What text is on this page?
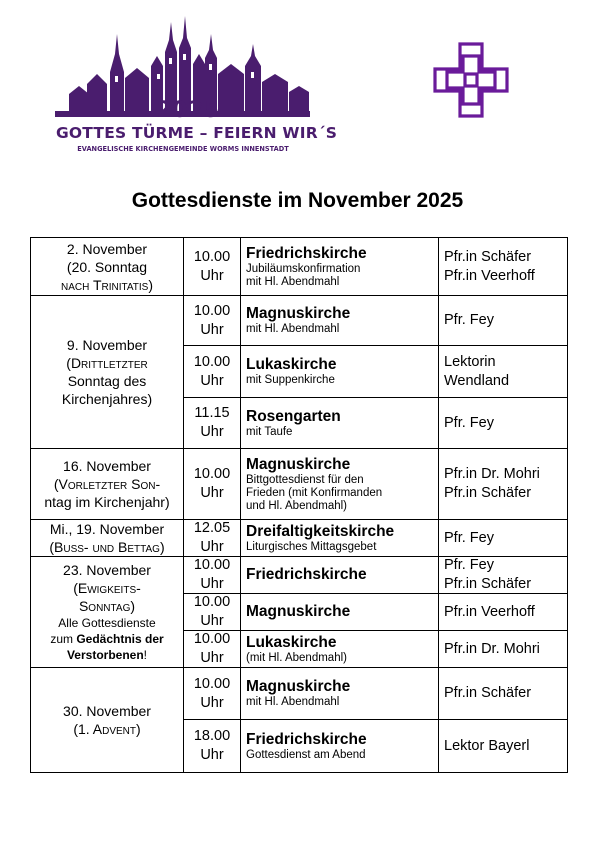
2025
GOTTES TÜRME – FEIERN WIR´S
EVANGELISCHE KIRCHENGEMEINDE WORMS INNENSTADT
Gottesdienste im November 2025
2. November
(20. Sonntag
nach Trinitatis)
9. November
(Drittletzter
Sonntag des
Kirchenjahres)
16. November
(Vorletzter Son-
ntag im Kirchenjahr)
Mi., 19. November
(Buß- und Bettag)
23. November
(Ewigkeits-
Sonntag)
Alle Gottesdienste
zum Gedächtnis der
Verstorbenen!
30. November
(1. Advent)
10.00
Uhr
Friedrichskirche
Jubiläumskonfirmation
mit Hl. Abendmahl
Pfr.in Schäfer
Pfr.in Veerhoff
10.00
Uhr
Magnuskirche
mit Hl. Abendmahl
Pfr. Fey
10.00
Uhr
Lukaskirche
mit Suppenkirche
Lektorin
Wendland
11.15
Uhr
Rosengarten
mit Taufe
Pfr. Fey
10.00
Uhr
Magnuskirche
Bittgottesdienst für den
Frieden (mit Konfirmanden
und Hl. Abendmahl)
Pfr.in Dr. Mohri
Pfr.in Schäfer
12.05
Uhr
Dreifaltigkeitskirche
Liturgisches Mittagsgebet
Pfr. Fey
10.00
Uhr
Friedrichskirche
Pfr. Fey
Pfr.in Schäfer
10.00
Uhr
Magnuskirche	Pfr.in Veerhoff
10.00
Uhr
Lukaskirche
(mit Hl. Abendmahl)
Pfr.in Dr. Mohri
10.00
Uhr
Magnuskirche
mit Hl. Abendmahl
Pfr.in Schäfer
18.00
Uhr
Friedrichskirche
Gottesdienst am Abend
Lektor Bayerl
